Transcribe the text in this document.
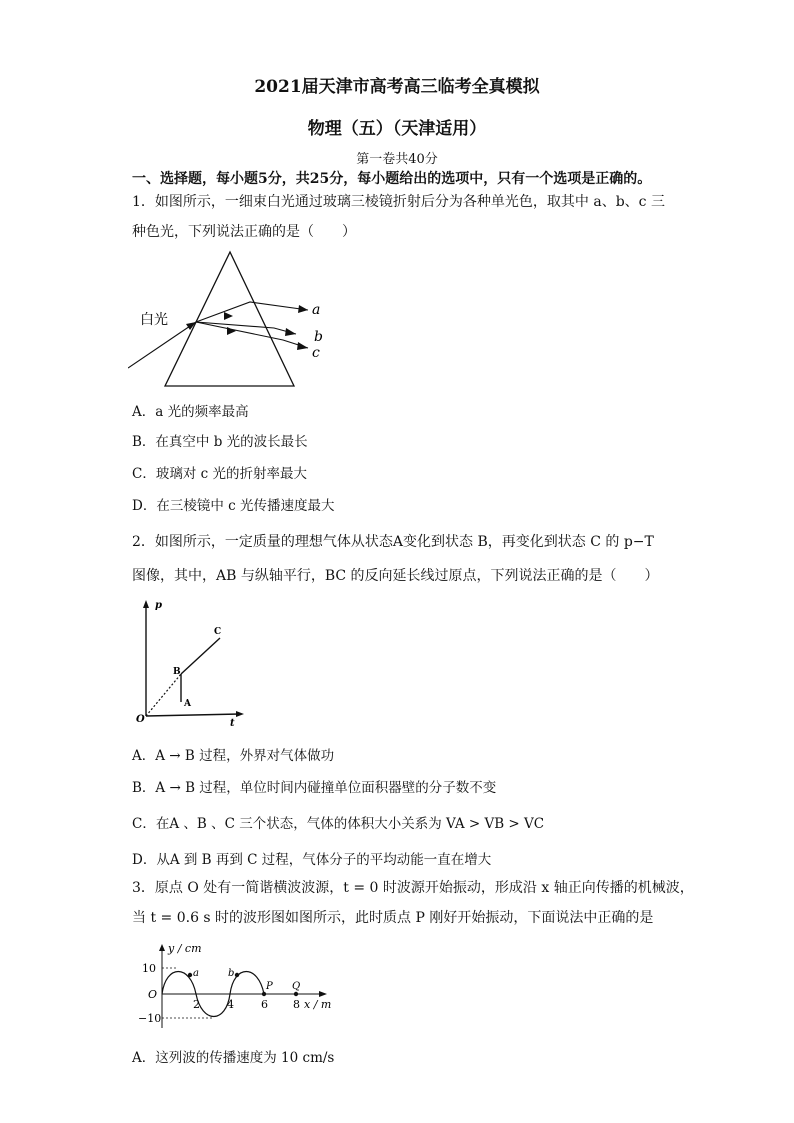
2021届天津市高考高三临考全真模拟
物理（五）（天津适用）
第一卷共40分
一、选择题，每小题5分，共25分，每小题给出的选项中，只有一个选项是正确的。
1．如图所示，一细束白光通过玻璃三棱镜折射后分为各种单光色，取其中 a、b、c 三
种色光，下列说法正确的是（　　）
白光
a
b
c
A．a 光的频率最高
B．在真空中 b 光的波长最长
C．玻璃对 c 光的折射率最大
D．在三棱镜中 c 光传播速度最大
2．如图所示，一定质量的理想气体从状态A变化到状态 B，再变化到状态 C 的 p−T
图像，其中，AB 与纵轴平行，BC 的反向延长线过原点，下列说法正确的是（　　）
p
t
O
A
B
C
A．A → B 过程，外界对气体做功
B．A → B 过程，单位时间内碰撞单位面积器壁的分子数不变
C．在A 、B 、C 三个状态，气体的体积大小关系为 VA > VB > VC
D．从A 到 B 再到 C 过程，气体分子的平均动能一直在增大
3．原点 O 处有一简谐横波波源，t = 0 时波源开始振动，形成沿 x 轴正向传播的机械波，
当 t = 0.6 s 时的波形图如图所示，此时质点 P 刚好开始振动，下面说法中正确的是
y / cm
x / m
O
10
−10
2 4 6 8
a	b
P Q
A．这列波的传播速度为 10 cm/s
